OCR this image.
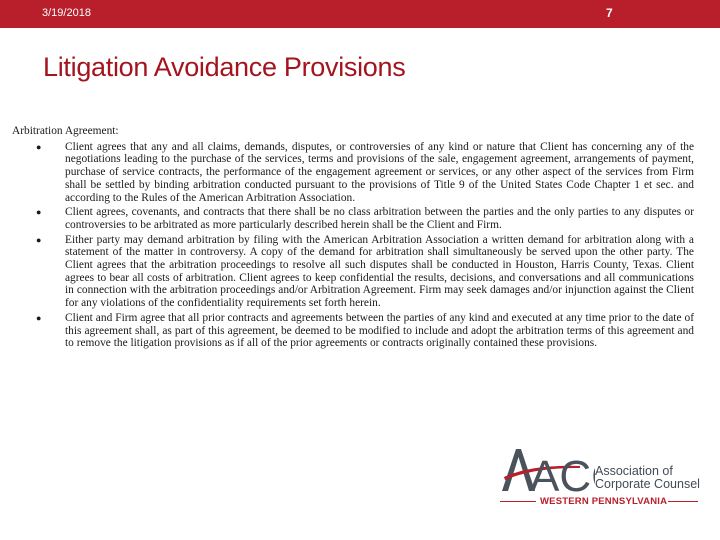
3/19/2018	7
Litigation Avoidance Provisions
Arbitration Agreement:
● Client agrees that any and all claims, demands, disputes, or controversies of any kind or nature that Client has concerning any of the negotiations leading to the purchase of the services, terms and provisions of the sale, engagement agreement, arrangements of payment, purchase of service contracts, the performance of the engagement agreement or services, or any other aspect of the services from Firm shall be settled by binding arbitration conducted pursuant to the provisions of Title 9 of the United States Code Chapter 1 et sec. and according to the Rules of the American Arbitration Association.
● Client agrees, covenants, and contracts that there shall be no class arbitration between the parties and the only parties to any disputes or controversies to be arbitrated as more particularly described herein shall be the Client and Firm.
● Either party may demand arbitration by filing with the American Arbitration Association a written demand for arbitration along with a statement of the matter in controversy. A copy of the demand for arbitration shall simultaneously be served upon the other party. The Client agrees that the arbitration proceedings to resolve all such disputes shall be conducted in Houston, Harris County, Texas. Client agrees to bear all costs of arbitration. Client agrees to keep confidential the results, decisions, and conversations and all communications in connection with the arbitration proceedings and/or Arbitration Agreement. Firm may seek damages and/or injunction against the Client for any violations of the confidentiality requirements set forth herein.
● Client and Firm agree that all prior contracts and agreements between the parties of any kind and executed at any time prior to the date of this agreement shall, as part of this agreement, be deemed to be modified to include and adopt the arbitration terms of this agreement and to remove the litigation provisions as if all of the prior agreements or contracts originally contained these provisions.
AC Association of
Corporate Counsel
WESTERN PENNSYLVANIA
